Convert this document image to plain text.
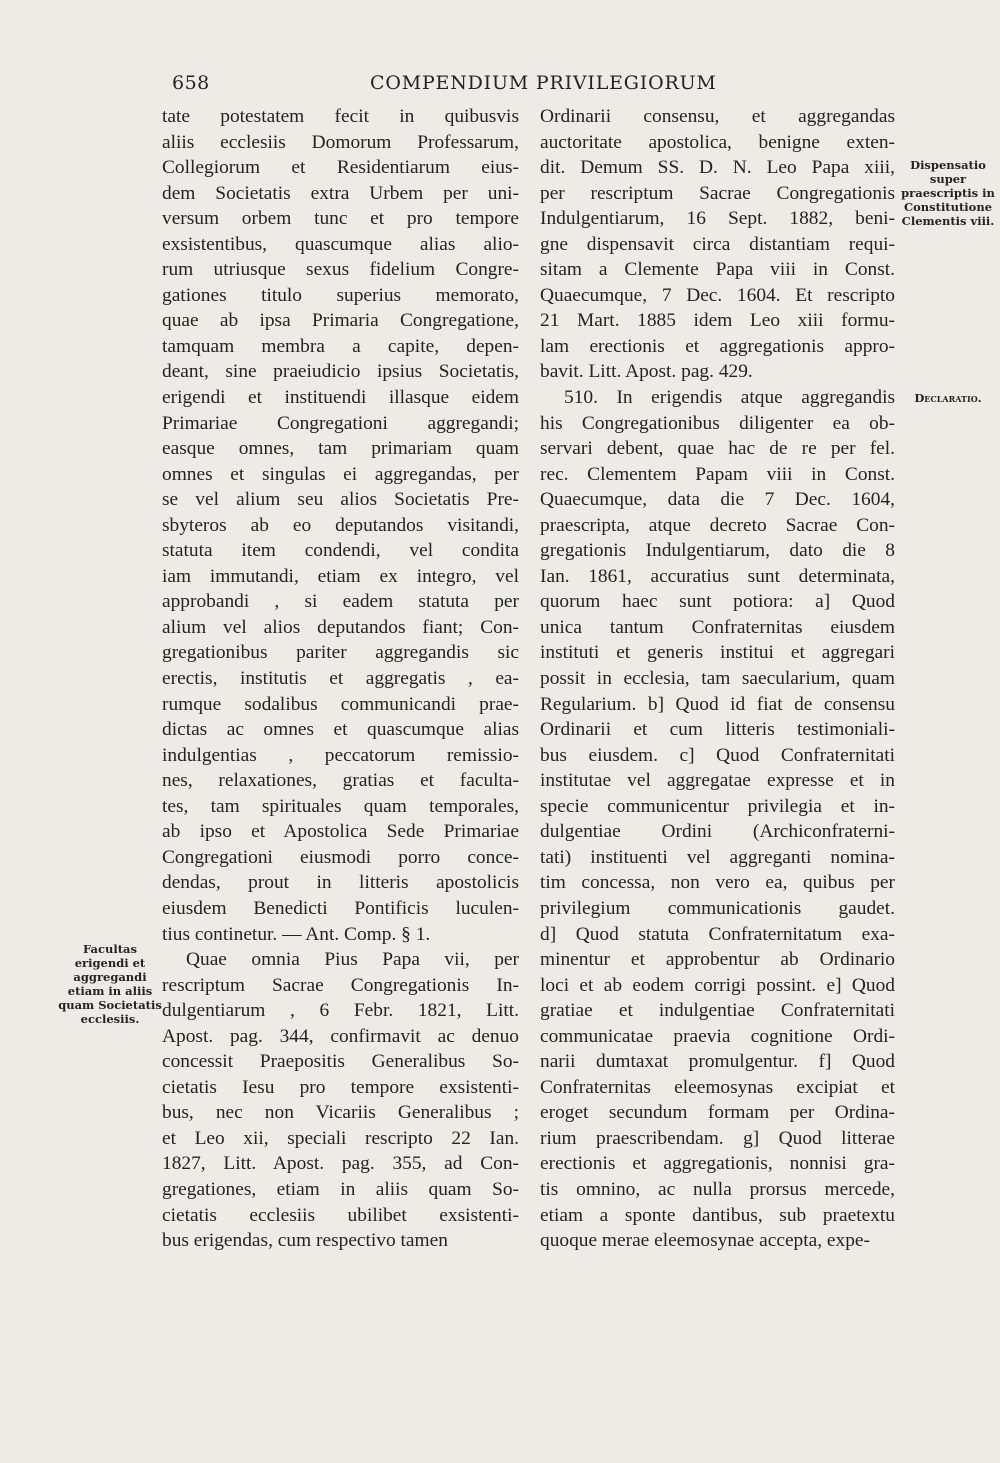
658	COMPENDIUM PRIVILEGIORUM
tate potestatem fecit in quibusvis
aliis ecclesiis Domorum Professarum,
Collegiorum et Residentiarum eius-
dem Societatis extra Urbem per uni-
versum orbem tunc et pro tempore
exsistentibus, quascumque alias alio-
rum utriusque sexus fidelium Congre-
gationes titulo superius memorato,
quae ab ipsa Primaria Congregatione,
tamquam membra a capite, depen-
deant, sine praeiudicio ipsius Societatis,
erigendi et instituendi illasque eidem
Primariae Congregationi aggregandi;
easque omnes, tam primariam quam
omnes et singulas ei aggregandas, per
se vel alium seu alios Societatis Pre-
sbyteros ab eo deputandos visitandi,
statuta item condendi, vel condita
iam immutandi, etiam ex integro, vel
approbandi , si eadem statuta per
alium vel alios deputandos fiant; Con-
gregationibus pariter aggregandis sic
erectis, institutis et aggregatis , ea-
rumque sodalibus communicandi prae-
dictas ac omnes et quascumque alias
indulgentias , peccatorum remissio-
nes, relaxationes, gratias et faculta-
tes, tam spirituales quam temporales,
ab ipso et Apostolica Sede Primariae
Congregationi eiusmodi porro conce-
dendas, prout in litteris apostolicis
eiusdem Benedicti Pontificis luculen-
tius continetur. — Ant. Comp. § 1.
Quae omnia Pius Papa vii, per
rescriptum Sacrae Congregationis In-
dulgentiarum , 6 Febr. 1821, Litt.
Apost. pag. 344, confirmavit ac denuo
concessit Praepositis Generalibus So-
cietatis Iesu pro tempore exsistenti-
bus, nec non Vicariis Generalibus ;
et Leo xii, speciali rescripto 22 Ian.
1827, Litt. Apost. pag. 355, ad Con-
gregationes, etiam in aliis quam So-
cietatis ecclesiis ubilibet exsistenti-
bus erigendas, cum respectivo tamen
Ordinarii consensu, et aggregandas
auctoritate apostolica, benigne exten-
dit. Demum SS. D. N. Leo Papa xiii,
per rescriptum Sacrae Congregationis
Indulgentiarum, 16 Sept. 1882, beni-
gne dispensavit circa distantiam requi-
sitam a Clemente Papa viii in Const.
Quaecumque, 7 Dec. 1604. Et rescripto
21 Mart. 1885 idem Leo xiii formu-
lam erectionis et aggregationis appro-
bavit. Litt. Apost. pag. 429.
510. In erigendis atque aggregandis
his Congregationibus diligenter ea ob-
servari debent, quae hac de re per fel.
rec. Clementem Papam viii in Const.
Quaecumque, data die 7 Dec. 1604,
praescripta, atque decreto Sacrae Con-
gregationis Indulgentiarum, dato die 8
Ian. 1861, accuratius sunt determinata,
quorum haec sunt potiora: a] Quod
unica tantum Confraternitas eiusdem
instituti et generis institui et aggregari
possit in ecclesia, tam saecularium, quam
Regularium. b] Quod id fiat de consensu
Ordinarii et cum litteris testimoniali-
bus eiusdem. c] Quod Confraternitati
institutae vel aggregatae expresse et in
specie communicentur privilegia et in-
dulgentiae Ordini (Archiconfraterni-
tati) instituenti vel aggreganti nomina-
tim concessa, non vero ea, quibus per
privilegium communicationis gaudet.
d] Quod statuta Confraternitatum exa-
minentur et approbentur ab Ordinario
loci et ab eodem corrigi possint. e] Quod
gratiae et indulgentiae Confraternitati
communicatae praevia cognitione Ordi-
narii dumtaxat promulgentur. f] Quod
Confraternitas eleemosynas excipiat et
eroget secundum formam per Ordina-
rium praescribendam. g] Quod litterae
erectionis et aggregationis, nonnisi gra-
tis omnino, ac nulla prorsus mercede,
etiam a sponte dantibus, sub praetextu
quoque merae eleemosynae accepta, expe-
Dispensatio super praescriptis in Constitutione Clementis viii.
Declaratio.
Facultas erigendi et aggregandi etiam in aliis quam Societatis ecclesiis.
